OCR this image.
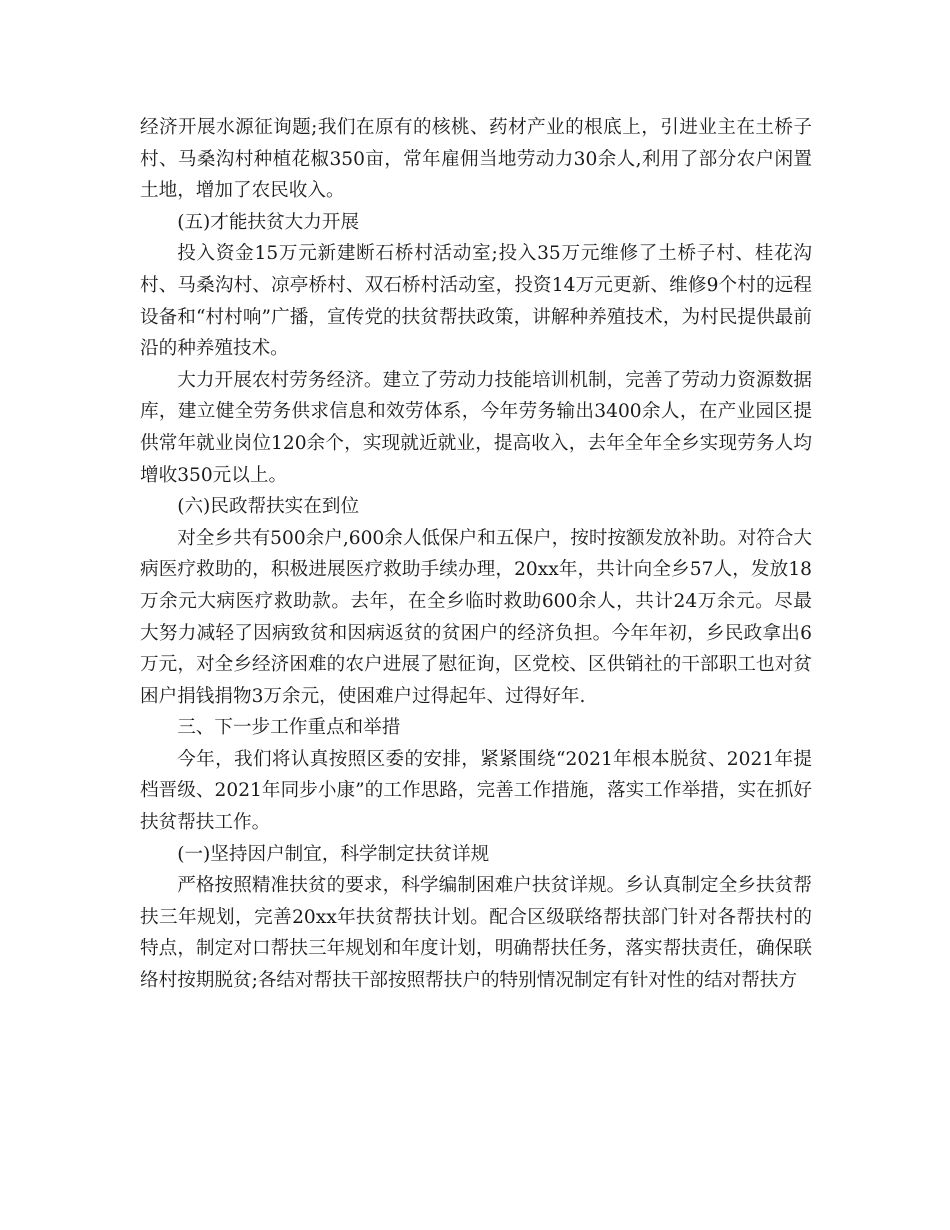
经济开展水源征询题;我们在原有的核桃、药材产业的根底上，引进业主在土桥子村、马桑沟村种植花椒350亩，常年雇佣当地劳动力30余人,利用了部分农户闲置土地，增加了农民收入。

(五)才能扶贫大力开展

投入资金15万元新建断石桥村活动室;投入35万元维修了土桥子村、桂花沟村、马桑沟村、凉亭桥村、双石桥村活动室，投资14万元更新、维修9个村的远程设备和“村村响”广播，宣传党的扶贫帮扶政策，讲解种养殖技术，为村民提供最前沿的种养殖技术。

大力开展农村劳务经济。建立了劳动力技能培训机制，完善了劳动力资源数据库，建立健全劳务供求信息和效劳体系，今年劳务输出3400余人，在产业园区提供常年就业岗位120余个，实现就近就业，提高收入，去年全年全乡实现劳务人均增收350元以上。

(六)民政帮扶实在到位

对全乡共有500余户,600余人低保户和五保户，按时按额发放补助。对符合大病医疗救助的，积极进展医疗救助手续办理，20xx年，共计向全乡57人，发放18万余元大病医疗救助款。去年，在全乡临时救助600余人，共计24万余元。尽最大努力减轻了因病致贫和因病返贫的贫困户的经济负担。今年年初，乡民政拿出6万元，对全乡经济困难的农户进展了慰征询，区党校、区供销社的干部职工也对贫困户捐钱捐物3万余元，使困难户过得起年、过得好年.

三、下一步工作重点和举措

今年，我们将认真按照区委的安排，紧紧围绕“2021年根本脱贫、2021年提档晋级、2021年同步小康”的工作思路，完善工作措施，落实工作举措，实在抓好扶贫帮扶工作。

(一)坚持因户制宜，科学制定扶贫详规

严格按照精准扶贫的要求，科学编制困难户扶贫详规。乡认真制定全乡扶贫帮扶三年规划，完善20xx年扶贫帮扶计划。配合区级联络帮扶部门针对各帮扶村的特点，制定对口帮扶三年规划和年度计划，明确帮扶任务，落实帮扶责任，确保联络村按期脱贫;各结对帮扶干部按照帮扶户的特别情况制定有针对性的结对帮扶方
